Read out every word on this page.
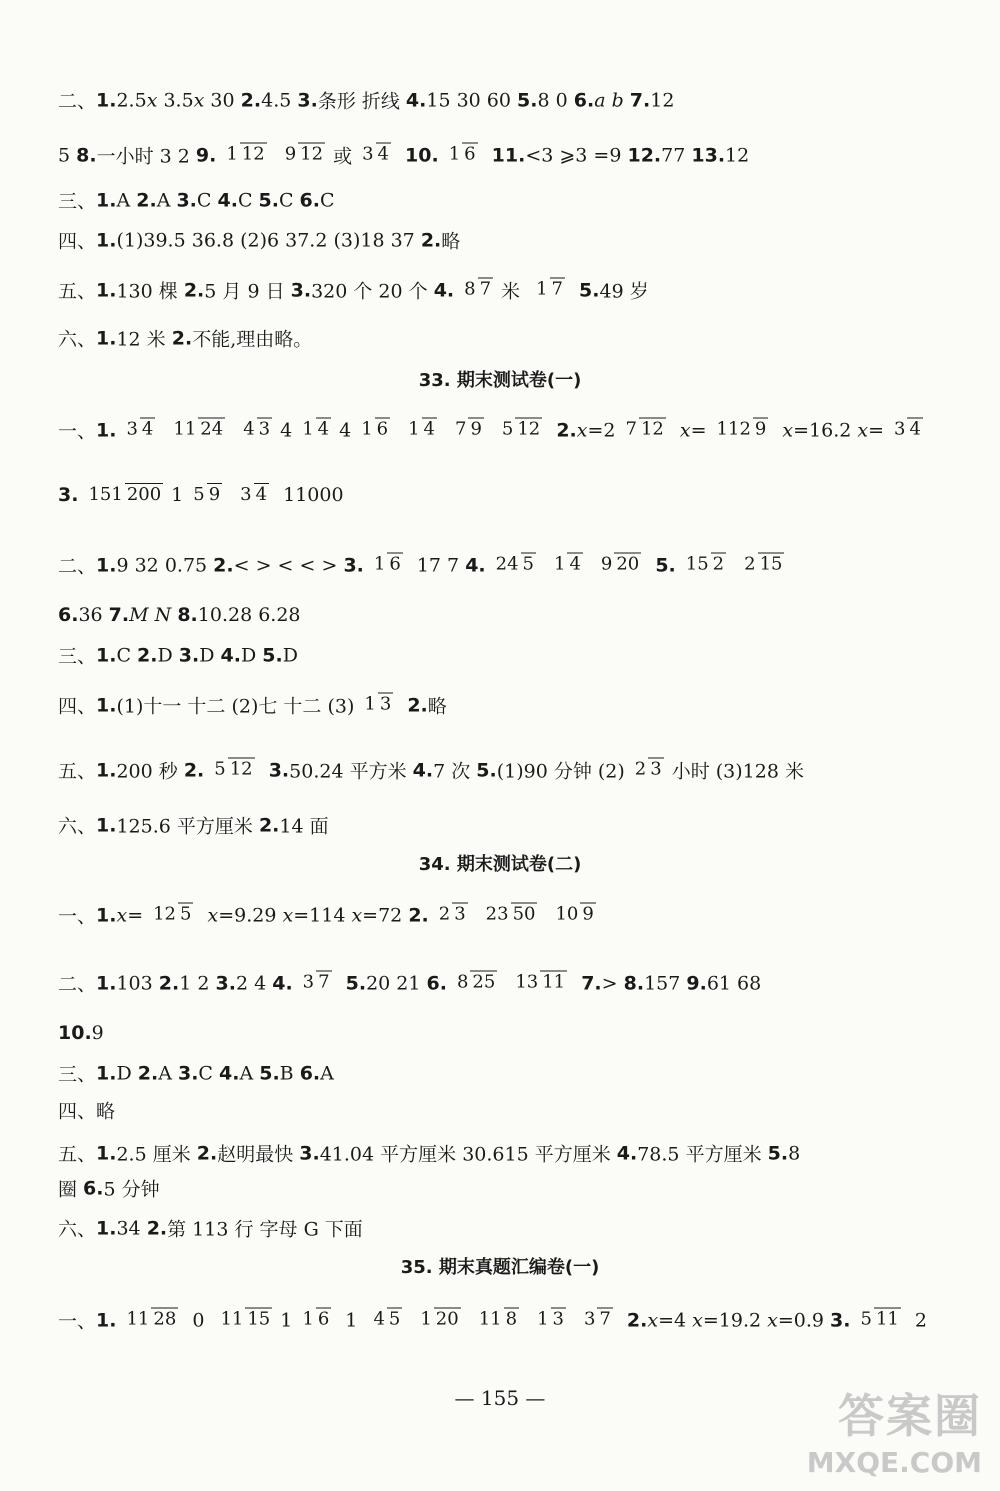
二、 1. 2.5 x 3.5 x 30 2. 4.5 3. 条形 折线 4. 15 30 60 5. 8 0 6. a
b
7. 12
5 8. 一小时 3 2 9. 1 12 9 12 或 3 4
10. 1 6
11. <3 ⩾3 =9 12. 77 13. 12
三、 1. A 2. A 3. C 4. C 5. C 6. C
四、 1. (1)39.5 36.8 (2)6 37.2 (3)18 37 2. 略
五、 1. 130 棵 2. 5 月 9 日 3. 320 个 20 个 4. 8 7 米 1 7
5. 49 岁
六、 1. 12 米 2. 不能,理由略。
一、 1. 3 4 11 24 4 3 4 1 4 4 1 6 1 4 7 9 5 12
2. x =2 7 12
x = 112 9
x =16.2 x = 3 4
3. 151 200 1 5 9 3 4 11000
二、 1. 9 32 0.75 2. < > < < > 3. 1 6 17 7 4. 24 5 1 4 9 20
5. 15 2 2 15
6. 36 7. M
N
8. 10.28 6.28
三、 1. C 2. D 3. D 4. D 5. D
四、 1. (1)十一 十二 (2)七 十二 (3) 1 3
2. 略
五、 1. 200 秒 2. 5 12
3. 50.24 平方米 4. 7 次 5. (1)90 分钟 (2) 2 3 小时 (3)128 米
六、 1. 125.6 平方厘米 2. 14 面
一、 1. x = 12 5
x =9.29 x =114 x =72 2. 2 3 23 50 10 9
二、 1. 103 2. 1 2 3. 2 4 4. 3 7
5. 20 21 6. 8 25 13 11
7. > 8. 157 9. 61 68
10. 9
三、 1. D 2. A 3. C 4. A 5. B 6. A
四、略
五、 1. 2.5 厘米 2. 赵明最快 3. 41.04 平方厘米 30.615 平方厘米 4. 78.5 平方厘米 5. 8
圈 6. 5 分钟
六、 1. 34 2. 第 113 行 字母 G 下面
一、 1. 11 28 0 11 15 1 1 6 1 4 5 1 20 11 8 1 3 3 7
2. x =4 x =19.2 x =0.9 3. 5 11 2
33. 期末测试卷(一)
34. 期末测试卷(二)
35. 期末真题汇编卷(一)
— 155 —	答案圈
MXQE.COM
